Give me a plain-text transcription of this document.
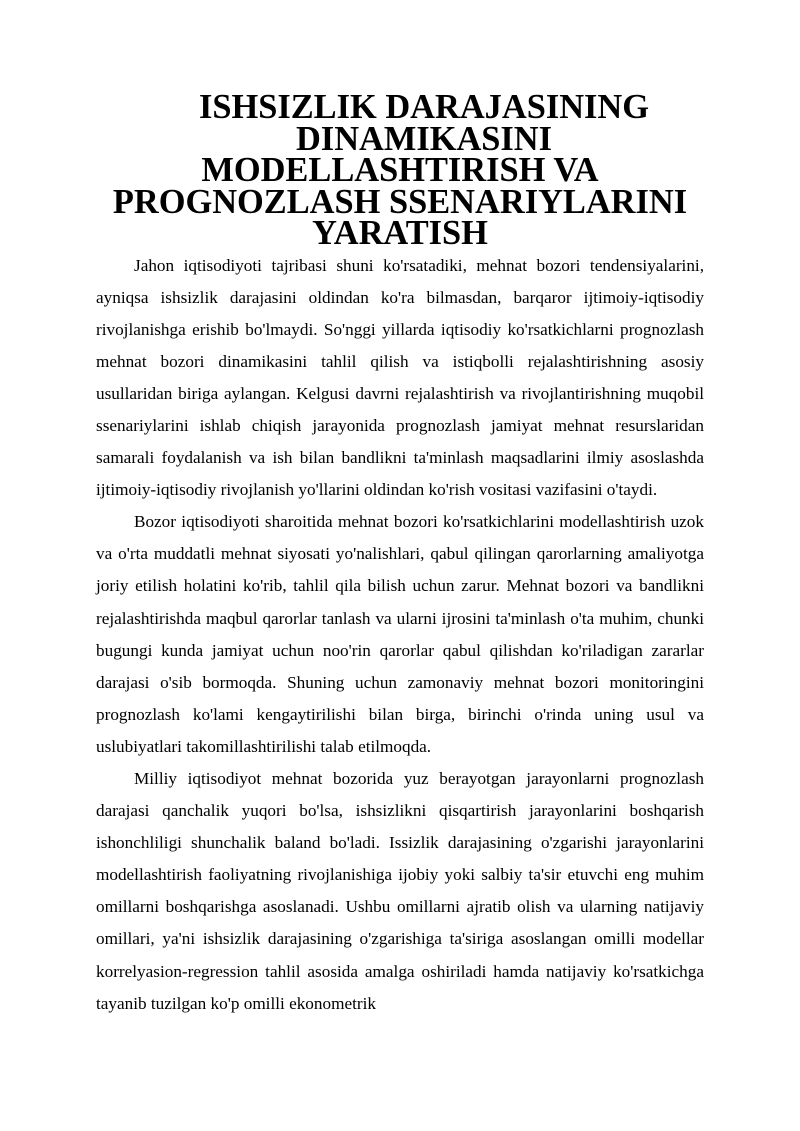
ISHSIZLIK DARAJASINING DINAMIKASINI
MODELLASHTIRISH VA PROGNOZLASH SSENARIYLARINI
YARATISH

Jahon iqtisodiyoti tajribasi shuni ko'rsatadiki, mehnat bozori tendensiyalarini, ayniqsa ishsizlik darajasini oldindan ko'ra bilmasdan, barqaror ijtimoiy-iqtisodiy rivojlanishga erishib bo'lmaydi. So'nggi yillarda iqtisodiy ko'rsatkichlarni prognozlash mehnat bozori dinamikasini tahlil qilish va istiqbolli rejalashtirishning asosiy usullaridan biriga aylangan. Kelgusi davrni rejalashtirish va rivojlantirishning muqobil ssenariylarini ishlab chiqish jarayonida prognozlash jamiyat mehnat resurslaridan samarali foydalanish va ish bilan bandlikni ta'minlash maqsadlarini ilmiy asoslashda ijtimoiy-iqtisodiy rivojlanish yo'llarini oldindan ko'rish vositasi vazifasini o'taydi.

Bozor iqtisodiyoti sharoitida mehnat bozori ko'rsatkichlarini modellashtirish uzok va o'rta muddatli mehnat siyosati yo'nalishlari, qabul qilingan qarorlarning amaliyotga joriy etilish holatini ko'rib, tahlil qila bilish uchun zarur. Mehnat bozori va bandlikni rejalashtirishda maqbul qarorlar tanlash va ularni ijrosini ta'minlash o'ta muhim, chunki bugungi kunda jamiyat uchun noo'rin qarorlar qabul qilishdan ko'riladigan zararlar darajasi o'sib bormoqda. Shuning uchun zamonaviy mehnat bozori monitoringini prognozlash ko'lami kengaytirilishi bilan birga, birinchi o'rinda uning usul va uslubiyatlari takomillashtirilishi talab etilmoqda.

Milliy iqtisodiyot mehnat bozorida yuz berayotgan jarayonlarni prognozlash darajasi qanchalik yuqori bo'lsa, ishsizlikni qisqartirish jarayonlarini boshqarish ishonchliligi shunchalik baland bo'ladi. Issizlik darajasining o'zgarishi jarayonlarini modellashtirish faoliyatning rivojlanishiga ijobiy yoki salbiy ta'sir etuvchi eng muhim omillarni boshqarishga asoslanadi. Ushbu omillarni ajratib olish va ularning natijaviy omillari, ya'ni ishsizlik darajasining o'zgarishiga ta'siriga asoslangan omilli modellar korrelyasion-regression tahlil asosida amalga oshiriladi hamda natijaviy ko'rsatkichga tayanib tuzilgan ko'p omilli ekonometrik
